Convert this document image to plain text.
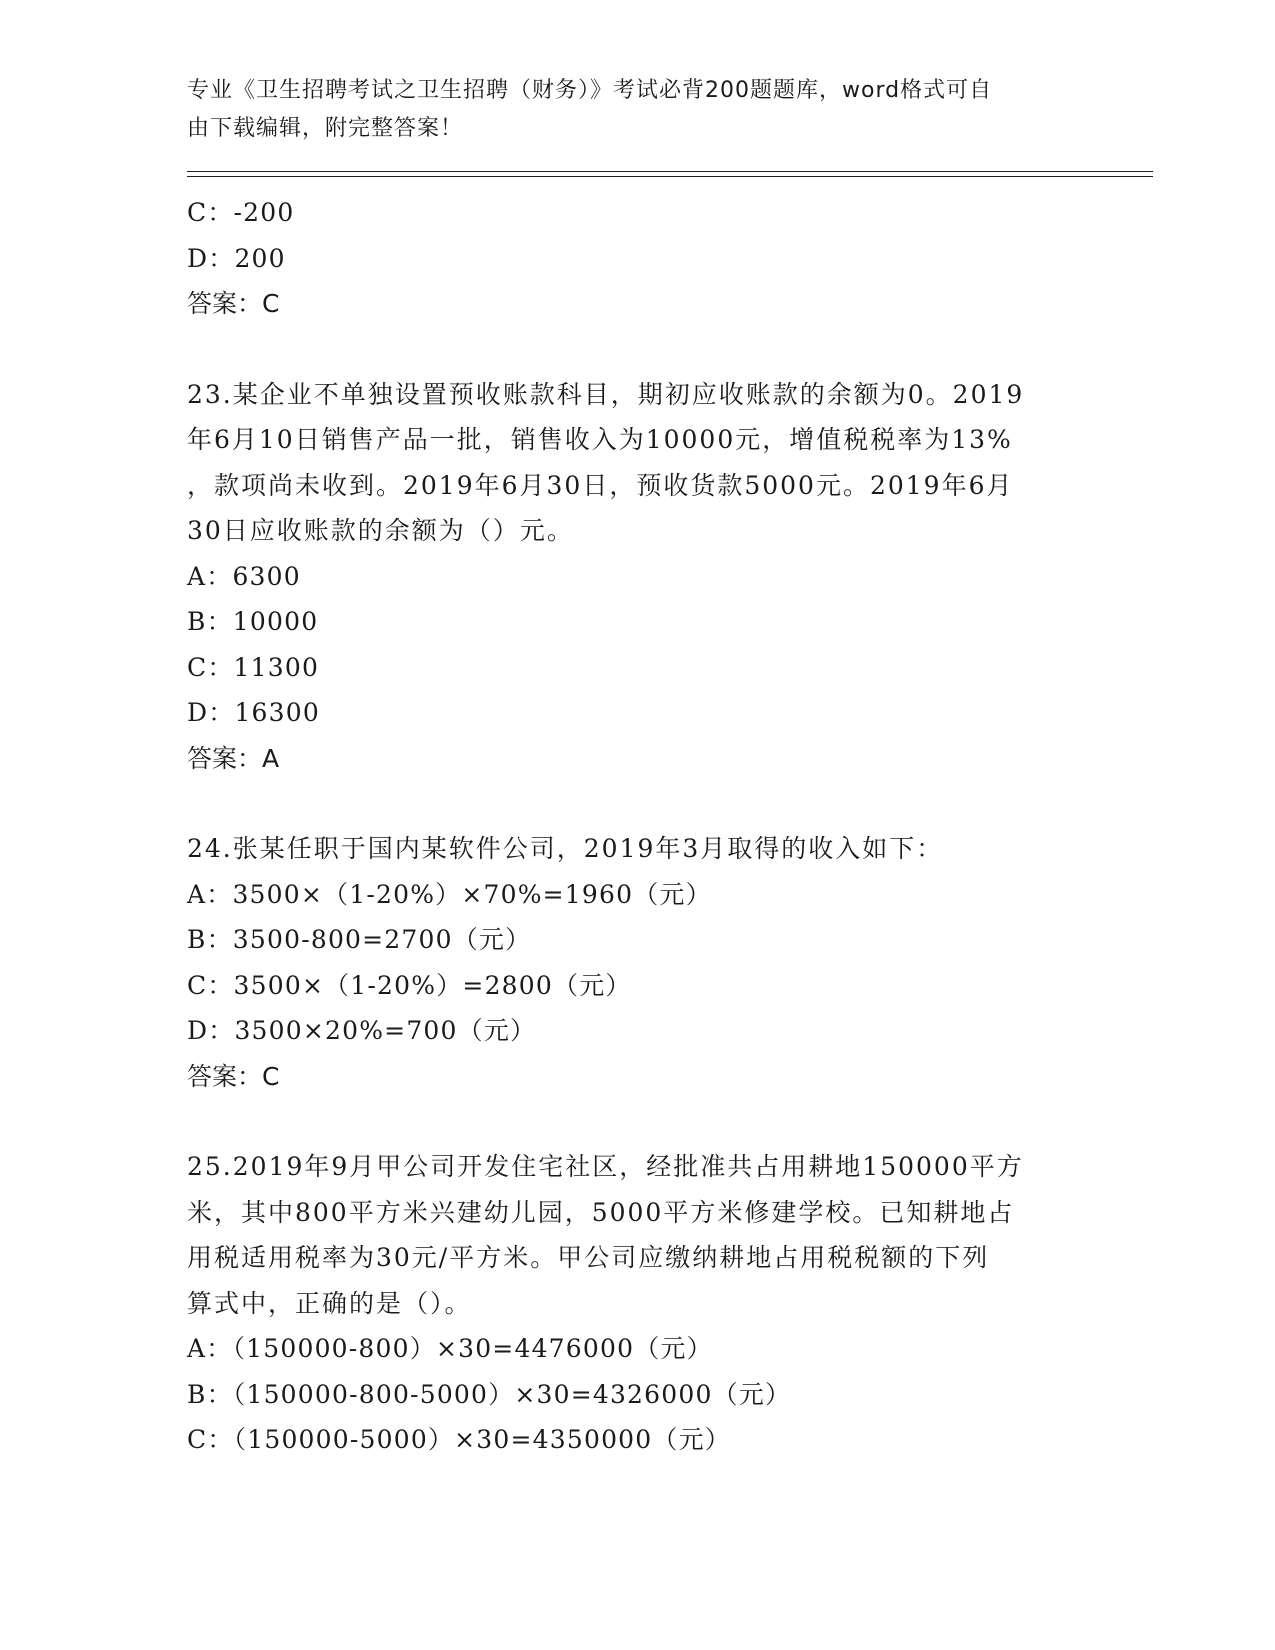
专业《卫生招聘考试之卫生招聘（财务）》考试必背200题题库，word格式可自
由下载编辑，附完整答案！
C：-200
D：200
答案：C
23.某企业不单独设置预收账款科目，期初应收账款的余额为0。2019
年6月10日销售产品一批，销售收入为10000元，增值税税率为13%
，款项尚未收到。2019年6月30日，预收货款5000元。2019年6月
30日应收账款的余额为（）元。
A：6300
B：10000
C：11300
D：16300
答案：A
24.张某任职于国内某软件公司，2019年3月取得的收入如下：
A：3500×（1-20%）×70%=1960（元）
B：3500-800=2700（元）
C：3500×（1-20%）=2800（元）
D：3500×20%=700（元）
答案：C
25.2019年9月甲公司开发住宅社区，经批准共占用耕地150000平方
米，其中800平方米兴建幼儿园，5000平方米修建学校。已知耕地占
用税适用税率为30元/平方米。甲公司应缴纳耕地占用税税额的下列
算式中，正确的是（）。
A：（150000-800）×30=4476000（元）
B：（150000-800-5000）×30=4326000（元）
C：（150000-5000）×30=4350000（元）
